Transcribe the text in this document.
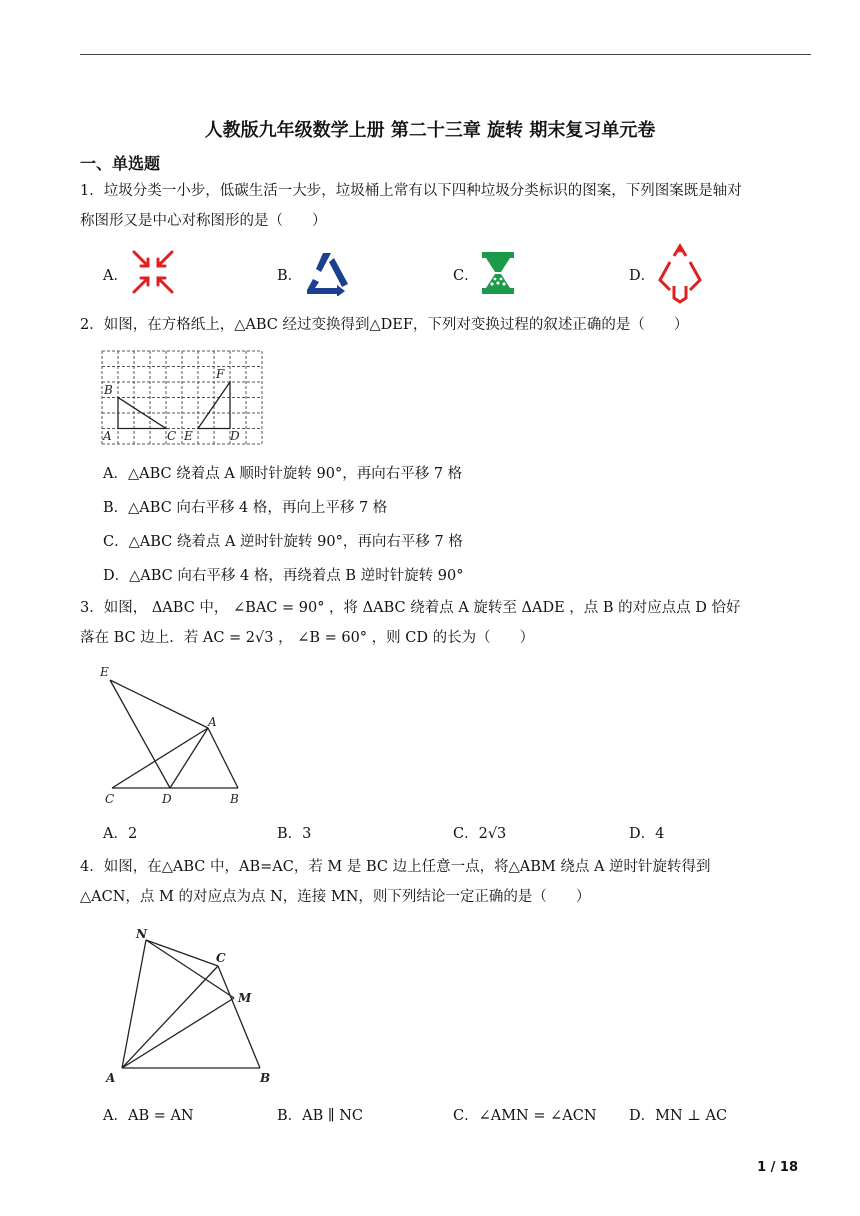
人教版九年级数学上册 第二十三章 旋转 期末复习单元卷
一、单选题
1．垃圾分类一小步，低碳生活一大步，垃圾桶上常有以下四种垃圾分类标识的图案，下列图案既是轴对
称图形又是中心对称图形的是（　　）
A．	B．	C．	D．
2．如图，在方格纸上，△ABC 经过变换得到△DEF，下列对变换过程的叙述正确的是（　　）
B
A	C E	D
F
A．△ABC 绕着点 A 顺时针旋转 90°，再向右平移 7 格
B．△ABC 向右平移 4 格，再向上平移 7 格
C．△ABC 绕着点 A 逆时针旋转 90°，再向右平移 7 格
D．△ABC 向右平移 4 格，再绕着点 B 逆时针旋转 90°
3．如图， ΔABC 中， ∠BAC = 90° ，将 ΔABC 绕着点 A 旋转至 ΔADE ，点 B 的对应点点 D 恰好
落在 BC 边上．若 AC = 2√3 ， ∠B = 60° ，则 CD 的长为（　　）
E
A
C	D	B
A．2	B．3	C．2√3	D．4
4．如图，在△ABC 中，AB=AC，若 M 是 BC 边上任意一点，将△ABM 绕点 A 逆时针旋转得到
△ACN，点 M 的对应点为点 N，连接 MN，则下列结论一定正确的是（　　）
N
C
M
A	B
A．AB = AN	B．AB ∥ NC	C．∠AMN = ∠ACN D．MN ⊥ AC
1 / 18
